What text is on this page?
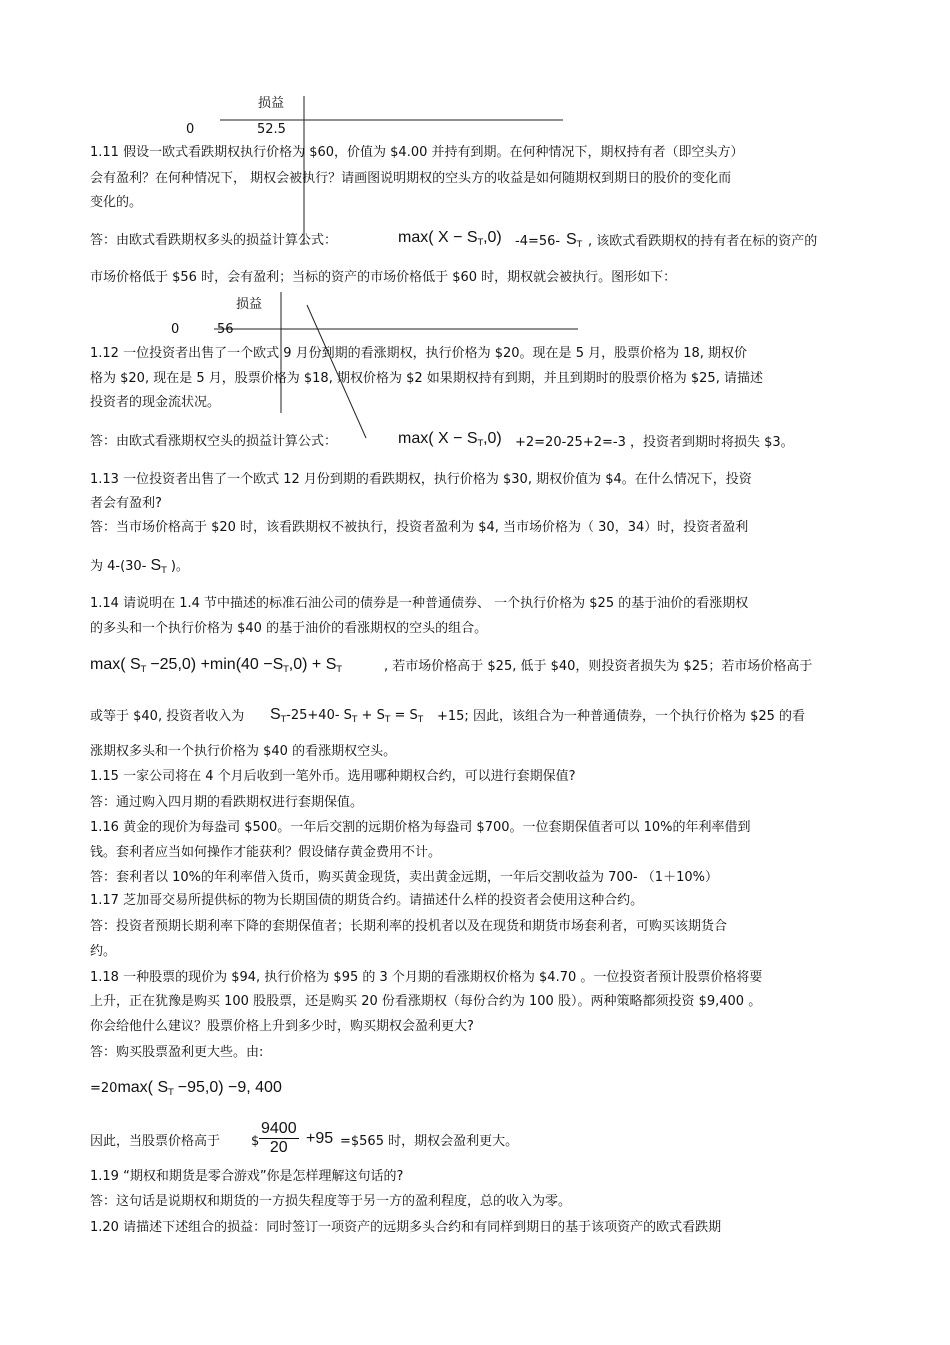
损益
0	52.5
1.11 假设一欧式看跌期权执行价格为 $60，价值为 $4.00 并持有到期。在何种情况下，期权持有者（即空头方）
会有盈利？在何种情况下， 期权会被执行？请画图说明期权的空头方的收益是如何随期权到期日的股价的变化而
变化的。
答：由欧式看跌期权多头的损益计算公式：	max( $X - S_T,0$) -4=56- $S_T$ , 该欧式看跌期权的持有者在标的资产的
市场价格低于 $56 时，会有盈利；当标的资产的市场价格低于 $60 时，期权就会被执行。图形如下：
损益
0	56
1.12 一位投资者出售了一个欧式 9 月份到期的看涨期权，执行价格为 $20。现在是 5 月，股票价格为 18, 期权价
格为 $20, 现在是 5 月，股票价格为 $18, 期权价格为 $2 如果期权持有到期，并且到期时的股票价格为 $25, 请描述
投资者的现金流状况。
答：由欧式看涨期权空头的损益计算公式：	max( $X - S_T,0) +2=20-25+2=-3$ ，投资者到期时将损失 $3。
1.13 一位投资者出售了一个欧式 12 月份到期的看跌期权，执行价格为 $30, 期权价值为 $4。在什么情况下，投资
者会有盈利?
答：当市场价格高于 $20 时，该看跌期权不被执行，投资者盈利为 $4, 当市场价格为（ 30，34）时，投资者盈利
为 4-(30- $S_T$ )。
1.14 请说明在 1.4 节中描述的标准石油公司的债券是一种普通债券、 一个执行价格为 $25 的基于油价的看涨期权
的多头和一个执行价格为 $40 的基于油价的看涨期权的空头的组合。
max( $S_T -25,0) +\min(40 -S_T,0) + S_T$	, 若市场价格高于 $25, 低于 $40，则投资者损失为 $25；若市场价格高于
或等于 $40, 投资者收入为 $S_T-25+40-$ $S_T + S_T = S_T +15$; 因此，该组合为一种普通债券，一个执行价格为 $25 的看
涨期权多头和一个执行价格为 $40 的看涨期权空头。
1.15 一家公司将在 4 个月后收到一笔外币。选用哪种期权合约，可以进行套期保值?
答：通过购入四月期的看跌期权进行套期保值。
1.16 黄金的现价为每盎司 $500。一年后交割的远期价格为每盎司 $700。一位套期保值者可以 10%的年利率借到
钱。套利者应当如何操作才能获利？假设储存黄金费用不计。
答：套利者以 10%的年利率借入货币，购买黄金现货，卖出黄金远期，一年后交割收益为 700- （1＋10%）
1.17 芝加哥交易所提供标的物为长期国债的期货合约。请描述什么样的投资者会使用这种合约。
答：投资者预期长期利率下降的套期保值者；长期利率的投机者以及在现货和期货市场套利者，可购买该期货合
约。
1.18 一种股票的现价为 $94, 执行价格为 $95 的 3 个月期的看涨期权价格为 $4.70 。一位投资者预计股票价格将要
上升，正在犹豫是购买 100 股股票，还是购买 20 份看涨期权（每份合约为 100 股）。两种策略都须投资 $9,400 。
你会给他什么建议？股票价格上升到多少时，购买期权会盈利更大?
答：购买股票盈利更大些。由:
=20max( $S_T -95,0) -9$, 400
因此，当股票价格高于 $ $\frac{9400}{20} +95$ =$565 时，期权会盈利更大。
1.19 “期权和期货是零合游戏”你是怎样理解这句话的?
答：这句话是说期权和期货的一方损失程度等于另一方的盈利程度，总的收入为零。
1.20 请描述下述组合的损益：同时签订一项资产的远期多头合约和有同样到期日的基于该项资产的欧式看跌期
